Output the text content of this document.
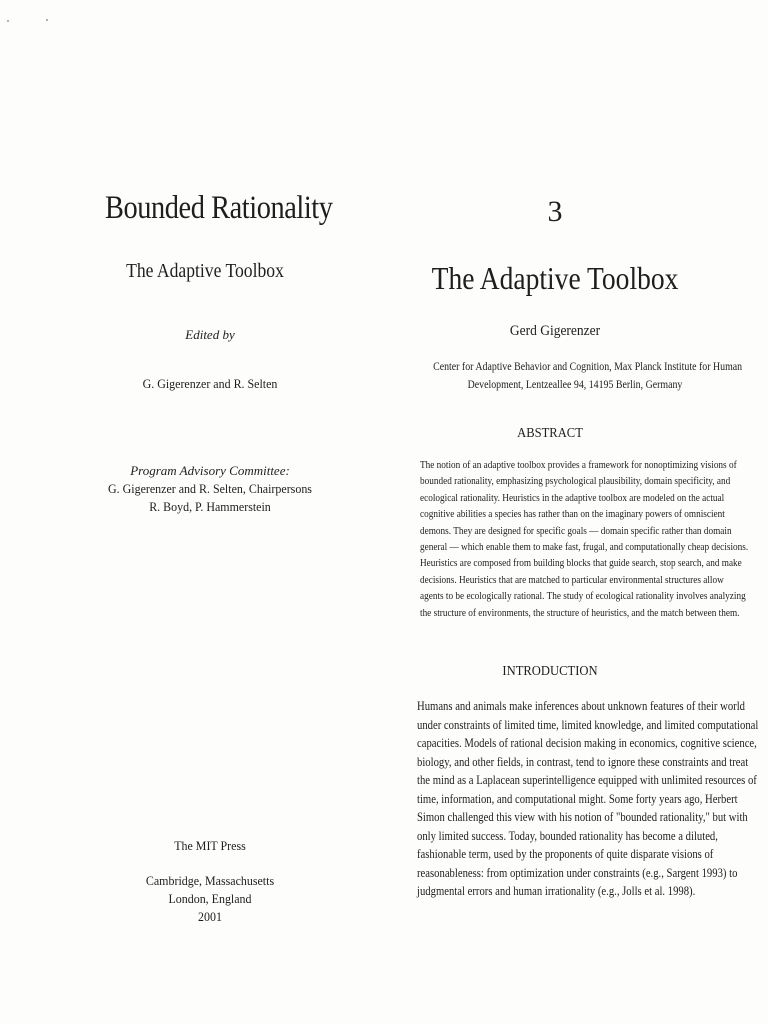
Bounded Rationality
The Adaptive Toolbox
Edited by
G. Gigerenzer and R. Selten
Program Advisory Committee:
G. Gigerenzer and R. Selten, Chairpersons
R. Boyd, P. Hammerstein
The MIT Press
Cambridge, Massachusetts
London, England
2001
3
The Adaptive Toolbox
Gerd Gigerenzer
Center for Adaptive Behavior and Cognition, Max Planck Institute for Human
Development, Lentzeallee 94, 14195 Berlin, Germany
ABSTRACT
The notion of an adaptive toolbox provides a framework for nonoptimizing visions of
bounded rationality, emphasizing psychological plausibility, domain specificity, and
ecological rationality. Heuristics in the adaptive toolbox are modeled on the actual
cognitive abilities a species has rather than on the imaginary powers of omniscient
demons. They are designed for specific goals — domain specific rather than domain
general — which enable them to make fast, frugal, and computationally cheap decisions.
Heuristics are composed from building blocks that guide search, stop search, and make
decisions. Heuristics that are matched to particular environmental structures allow
agents to be ecologically rational. The study of ecological rationality involves analyzing
the structure of environments, the structure of heuristics, and the match between them.
INTRODUCTION
Humans and animals make inferences about unknown features of their world
under constraints of limited time, limited knowledge, and limited computational
capacities. Models of rational decision making in economics, cognitive science,
biology, and other fields, in contrast, tend to ignore these constraints and treat
the mind as a Laplacean superintelligence equipped with unlimited resources of
time, information, and computational might. Some forty years ago, Herbert
Simon challenged this view with his notion of "bounded rationality," but with
only limited success. Today, bounded rationality has become a diluted,
fashionable term, used by the proponents of quite disparate visions of
reasonableness: from optimization under constraints (e.g., Sargent 1993) to
judgmental errors and human irrationality (e.g., Jolls et al. 1998).
